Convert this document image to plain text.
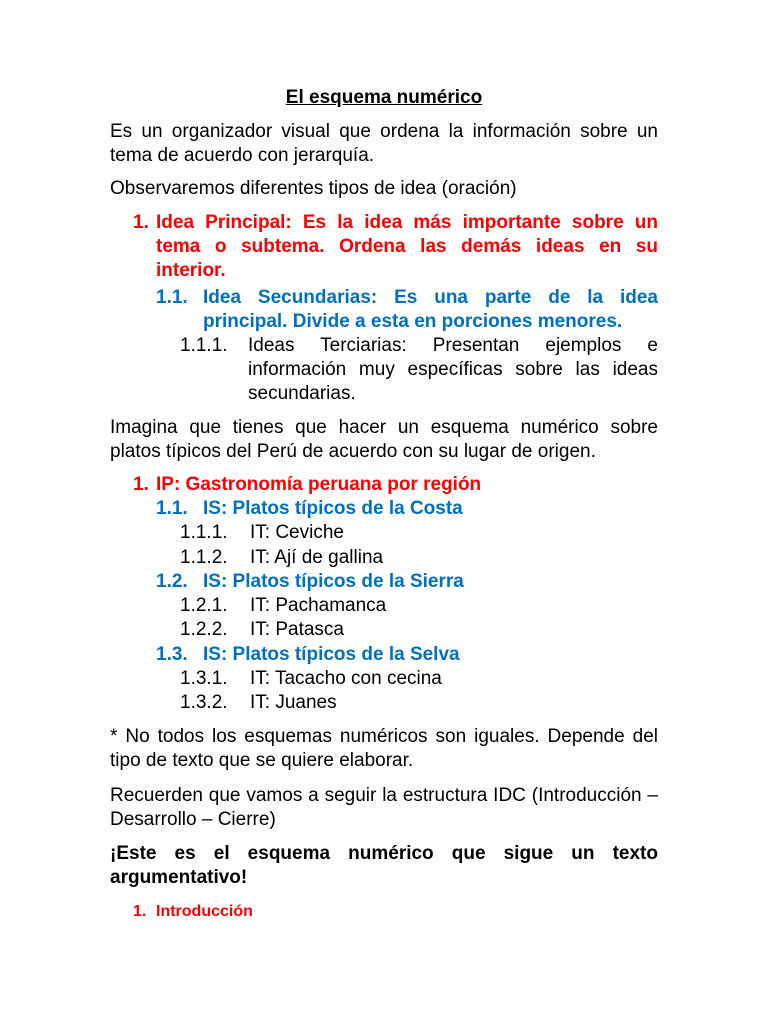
El esquema numérico
Es un organizador visual que ordena la información sobre un tema de acuerdo con jerarquía.
Observaremos diferentes tipos de idea (oración)
1. Idea Principal: Es la idea más importante sobre un tema o subtema. Ordena las demás ideas en su interior.
1.1. Idea Secundarias: Es una parte de la idea principal. Divide a esta en porciones menores.
1.1.1. Ideas Terciarias: Presentan ejemplos e información muy específicas sobre las ideas secundarias.
Imagina que tienes que hacer un esquema numérico sobre platos típicos del Perú de acuerdo con su lugar de origen.
1. IP: Gastronomía peruana por región
1.1. IS: Platos típicos de la Costa
1.1.1. IT: Ceviche
1.1.2. IT: Ají de gallina
1.2. IS: Platos típicos de la Sierra
1.2.1. IT: Pachamanca
1.2.2. IT: Patasca
1.3. IS: Platos típicos de la Selva
1.3.1. IT: Tacacho con cecina
1.3.2. IT: Juanes
* No todos los esquemas numéricos son iguales. Depende del tipo de texto que se quiere elaborar.
Recuerden que vamos a seguir la estructura IDC (Introducción – Desarrollo – Cierre)
¡Este es el esquema numérico que sigue un texto argumentativo!
1. Introducción
